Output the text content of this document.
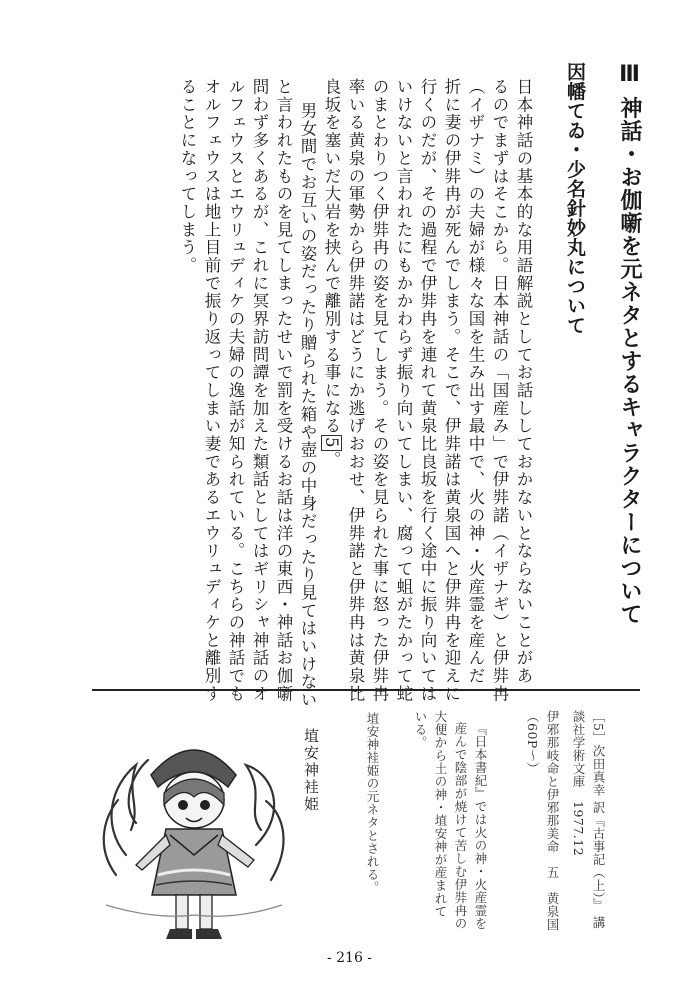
Ⅲ 神話・お伽噺を元ネタとするキャラクターについて
因幡てゐ・少名針妙丸について
日本神話の基本的な用語解説としてお話ししておかないとならないことがあ
るのでまずはそこから。日本神話の「国産み」で伊弉諾（イザナギ）と伊弉冉
（イザナミ）の夫婦が様々な国を生み出す最中で、火の神・火産霊を産んだ
折に妻の伊弉冉が死んでしまう。そこで、伊弉諾は黄泉国へと伊弉冉を迎えに
行くのだが、その過程で伊弉冉を連れて黄泉比良坂を行く途中に振り向いては
いけないと言われたにもかかわらず振り向いてしまい、腐って蛆がたかって蛇
のまとわりつく伊弉冉の姿を見てしまう。その姿を見られた事に怒った伊弉冉
率いる黄泉の軍勢から伊弉諾はどうにか逃げおおせ、伊弉諾と伊弉冉は黄泉比
良坂を塞いだ大岩を挟んで離別する事になる5。
男女間でお互いの姿だったり贈られた箱や壺の中身だったり見てはいけない
と言われたものを見てしまったせいで罰を受けるお話は洋の東西・神話お伽噺
問わず多くあるが、これに冥界訪問譚を加えた類話としてはギリシャ神話のオ
ルフェウスとエウリュディケの夫婦の逸話が知られている。こちらの神話でも
オルフェウスは地上目前で振り返ってしまい妻であるエウリュディケと離別す
ることになってしまう。
［5］次田真幸 訳『古事記（上）』 講
談社学術文庫　1977.12
伊邪那岐命と伊邪那美命　五　黄泉国
（60P～）
『日本書紀』では火の神・火産霊を
産んで陰部が焼けて苦しむ伊弉冉の
大便から土の神・埴安神が産まれて
いる。
埴安神袿姫の元ネタとされる。
埴安神袿姫
- 216 -
